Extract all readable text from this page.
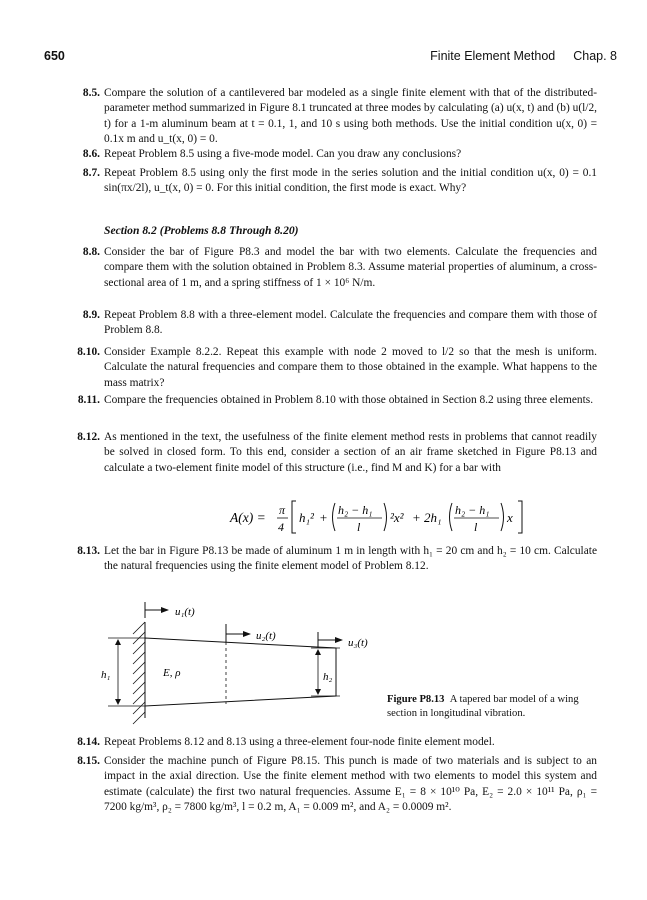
650	Finite Element Method Chap. 8
8.5. Compare the solution of a cantilevered bar modeled as a single finite element with that of the distributed-parameter method summarized in Figure 8.1 truncated at three modes by calculating (a) u(x, t) and (b) u(l/2, t) for a 1-m aluminum beam at t = 0.1, 1, and 10 s using both methods. Use the initial condition u(x, 0) = 0.1x m and u_t(x, 0) = 0.

8.6. Repeat Problem 8.5 using a five-mode model. Can you draw any conclusions?

8.7. Repeat Problem 8.5 using only the first mode in the series solution and the initial condition u(x, 0) = 0.1 sin(πx/2l), u_t(x, 0) = 0. For this initial condition, the first mode is exact. Why?

Section 8.2 (Problems 8.8 Through 8.20)
8.8. Consider the bar of Figure P8.3 and model the bar with two elements. Calculate the frequencies and compare them with the solution obtained in Problem 8.3. Assume material properties of aluminum, a cross-sectional area of 1 m, and a spring stiffness of 1 × 10⁶ N/m.

8.9. Repeat Problem 8.8 with a three-element model. Calculate the frequencies and compare them with those of Problem 8.8.

8.10. Consider Example 8.2.2. Repeat this example with node 2 moved to l/2 so that the mesh is uniform. Calculate the natural frequencies and compare them to those obtained in the example. What happens to the mass matrix?

8.11. Compare the frequencies obtained in Problem 8.10 with those obtained in Section 8.2 using three elements.

8.12. As mentioned in the text, the usefulness of the finite element method rests in problems that cannot readily be solved in closed form. To this end, consider a section of an air frame sketched in Figure P8.13 and calculate a two-element finite model of this structure (i.e., find M and K) for a bar with

A(x) = π
4
h₁² + h₂ − h₁
l
²x² + 2h₁ h₂ − h₁
l
x
8.13. Let the bar in Figure P8.13 be made of aluminum 1 m in length with h₁ = 20 cm and h₂ = 10 cm. Calculate the natural frequencies using the finite element model of Problem 8.12.

u₁(t)
h₁	E, ρ
u₂(t)
u₃(t)
h₂
Figure P8.13 A tapered bar model of a wing section in longitudinal vibration.
8.14. Repeat Problems 8.12 and 8.13 using a three-element four-node finite element model.

8.15. Consider the machine punch of Figure P8.15. This punch is made of two materials and is subject to an impact in the axial direction. Use the finite element method with two elements to model this system and estimate (calculate) the first two natural frequencies. Assume E₁ = 8 × 10¹⁰ Pa, E₂ = 2.0 × 10¹¹ Pa, ρ₁ = 7200 kg/m³, ρ₂ = 7800 kg/m³, l = 0.2 m, A₁ = 0.009 m², and A₂ = 0.0009 m².
